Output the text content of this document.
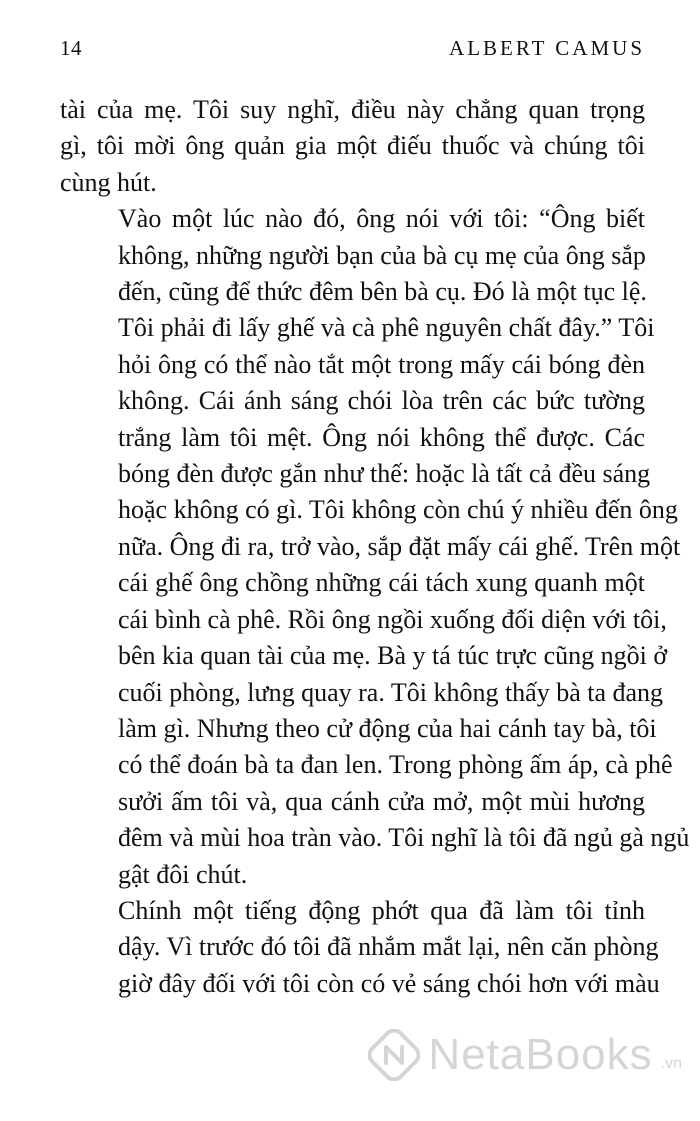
14	ALBERT CAMUS

tài của mẹ. Tôi suy nghĩ, điều này chẳng quan trọng
gì, tôi mời ông quản gia một điếu thuốc và chúng tôi
cùng hút.

Vào một lúc nào đó, ông nói với tôi: “Ông biết
không, những người bạn của bà cụ mẹ của ông sắp
đến, cũng để thức đêm bên bà cụ. Đó là một tục lệ.
Tôi phải đi lấy ghế và cà phê nguyên chất đây.” Tôi
hỏi ông có thể nào tắt một trong mấy cái bóng đèn
không. Cái ánh sáng chói lòa trên các bức tường
trắng làm tôi mệt. Ông nói không thể được. Các
bóng đèn được gắn như thế: hoặc là tất cả đều sáng
hoặc không có gì. Tôi không còn chú ý nhiều đến ông
nữa. Ông đi ra, trở vào, sắp đặt mấy cái ghế. Trên một
cái ghế ông chồng những cái tách xung quanh một
cái bình cà phê. Rồi ông ngồi xuống đối diện với tôi,
bên kia quan tài của mẹ. Bà y tá túc trực cũng ngồi ở
cuối phòng, lưng quay ra. Tôi không thấy bà ta đang
làm gì. Nhưng theo cử động của hai cánh tay bà, tôi
có thể đoán bà ta đan len. Trong phòng ấm áp, cà phê
sưởi ấm tôi và, qua cánh cửa mở, một mùi hương
đêm và mùi hoa tràn vào. Tôi nghĩ là tôi đã ngủ gà ngủ
gật đôi chút.

Chính một tiếng động phớt qua đã làm tôi tỉnh
dậy. Vì trước đó tôi đã nhắm mắt lại, nên căn phòng
giờ đây đối với tôi còn có vẻ sáng chói hơn với màu

NetaBooks .vn
